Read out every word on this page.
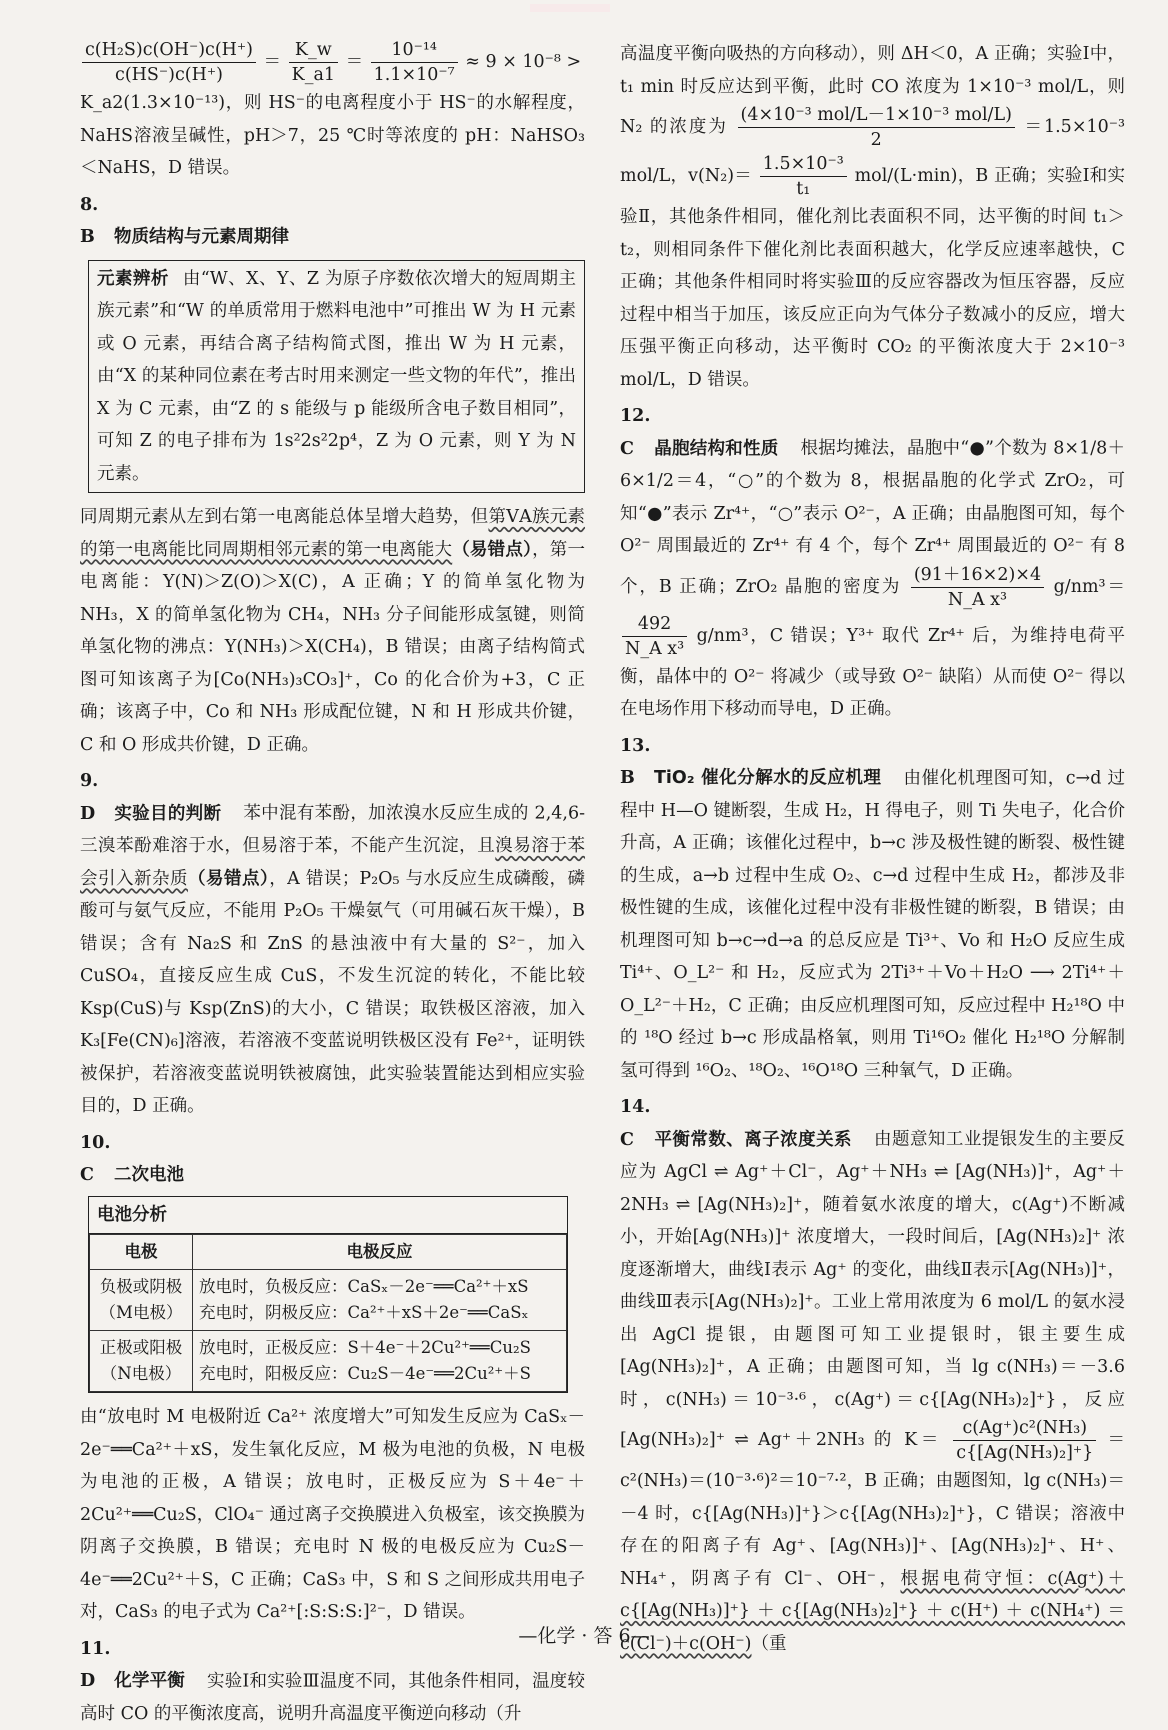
$\frac{\text{c(H₂S)c(OH⁻)c(H⁺)}}{c(HS^-)c(H^+)} = \frac{K\_w}{K\_a1} = \frac{\text{10⁻¹⁴}}{\text{1.1×10⁻⁷}} \approx 9 \times 10^{-8}$ >

K_a2(1.3×10⁻¹³)，则 HS⁻的电离程度小于 HS⁻的水解程度，NaHS溶液呈碱性，pH＞7，25 ℃时等浓度的 pH：NaHSO₃＜NaHS，D 错误。

8. B 物质结构与元素周期律

元素辨析 由“W、X、Y、Z 为原子序数依次增大的短周期主族元素”和“W 的单质常用于燃料电池中”可推出 W 为 H 元素或 O 元素，再结合离子结构简式图，推出 W 为 H 元素，由“X 的某种同位素在考古时用来测定一些文物的年代”，推出 X 为 C 元素，由“Z 的 s 能级与 p 能级所含电子数目相同”，可知 Z 的电子排布为 1s²2s²2p⁴，Z 为 O 元素，则 Y 为 N 元素。

同周期元素从左到右第一电离能总体呈增大趋势，但第ⅤA族元素的第一电离能比同周期相邻元素的第一电离能大（易错点），第一电离能：Y(N)＞Z(O)＞X(C)，A 正确；Y 的简单氢化物为 NH₃，X 的简单氢化物为 CH₄，NH₃ 分子间能形成氢键，则简单氢化物的沸点：Y(NH₃)＞X(CH₄)，B 错误；由离子结构简式图可知该离子为[Co(NH₃)₃CO₃]⁺，Co 的化合价为+3，C 正确；该离子中，Co 和 NH₃ 形成配位键，N 和 H 形成共价键，C 和 O 形成共价键，D 正确。

9. D 实验目的判断 苯中混有苯酚，加浓溴水反应生成的 2,4,6-三溴苯酚难溶于水，但易溶于苯，不能产生沉淀，且溴易溶于苯会引入新杂质（易错点），A 错误；P₂O₅ 与水反应生成磷酸，磷酸可与氨气反应，不能用 P₂O₅ 干燥氨气（可用碱石灰干燥），B 错误；含有 Na₂S 和 ZnS 的悬浊液中有大量的 S²⁻，加入 CuSO₄，直接反应生成 CuS，不发生沉淀的转化，不能比较 Ksp(CuS)与 Ksp(ZnS)的大小，C 错误；取铁极区溶液，加入 K₃[Fe(CN)₆]溶液，若溶液不变蓝说明铁极区没有 Fe²⁺，证明铁被保护，若溶液变蓝说明铁被腐蚀，此实验装置能达到相应实验目的，D 正确。

10. C 二次电池

电池分析
电极	电极反应
负极或阴极（M电极）	放电时，负极反应：CaSₓ－2e⁻══Ca²⁺＋xS
充电时，阴极反应：Ca²⁺＋xS＋2e⁻══CaSₓ

正极或阳极（N电极）	放电时，正极反应：S＋4e⁻＋2Cu²⁺══Cu₂S
充电时，阳极反应：Cu₂S－4e⁻══2Cu²⁺＋S

由“放电时 M 电极附近 Ca²⁺ 浓度增大”可知发生反应为 CaSₓ－2e⁻══Ca²⁺＋xS，发生氧化反应，M 极为电池的负极，N 电极为电池的正极，A 错误；放电时，正极反应为 S＋4e⁻＋2Cu²⁺══Cu₂S，ClO₄⁻ 通过离子交换膜进入负极室，该交换膜为阴离子交换膜，B 错误；充电时 N 极的电极反应为 Cu₂S－4e⁻══2Cu²⁺＋S，C 正确；CaS₃ 中，S 和 S 之间形成共用电子对，CaS₃ 的电子式为 Ca²⁺[:S:S:S:]²⁻，D 错误。

11. D 化学平衡 实验Ⅰ和实验Ⅲ温度不同，其他条件相同，温度较高时 CO 的平衡浓度高，说明升高温度平衡逆向移动（升

高温度平衡向吸热的方向移动），则 ΔH＜0，A 正确；实验Ⅰ中，t₁ min 时反应达到平衡，此时 CO 浓度为 1×10⁻³ mol/L，则 N₂ 的浓度为 $\frac{\text{(4×10⁻³ mol/L－1×10⁻³ mol/L)}}{2} =1.5\times 10^{-3}$ mol/L，$v(N_2)= \frac{\text{1.5×10⁻³}}{\text{t₁}} mol/(L\cdot\min)$，B 正确；实验Ⅰ和实验Ⅱ，其他条件相同，催化剂比表面积不同，达平衡的时间 t₁＞t₂，则相同条件下催化剂比表面积越大，化学反应速率越快，C 正确；其他条件相同时将实验Ⅲ的反应容器改为恒压容器，反应过程中相当于加压，该反应正向为气体分子数减小的反应，增大压强平衡正向移动，达平衡时 CO₂ 的平衡浓度大于 2×10⁻³ mol/L，D 错误。

12. C 晶胞结构和性质 根据均摊法，晶胞中“●”个数为 8×1/8＋6×1/2＝4，“○”的个数为 8，根据晶胞的化学式 ZrO₂，可知“●”表示 Zr⁴⁺，“○”表示 O²⁻，A 正确；由晶胞图可知，每个 O²⁻ 周围最近的 Zr⁴⁺ 有 4 个，每个 Zr⁴⁺ 周围最近的 O²⁻ 有 8 个，B 正确；ZrO₂ 晶胞的密度为 $\frac{(91+16\times 2)\times 4}{\text{N\_A x³}} g/nm^3=$
$\frac{492}{\text{N\_A x³}} g/nm^3$，C 错误；Y³⁺ 取代 Zr⁴⁺ 后，为维持电荷平衡，晶体中的 O²⁻ 将减少（或导致 O²⁻ 缺陷）从而使 O²⁻ 得以在电场作用下移动而导电，D 正确。

13. B TiO₂ 催化分解水的反应机理 由催化机理图可知，c→d 过程中 H—O 键断裂，生成 H₂，H 得电子，则 Ti 失电子，化合价升高，A 正确；该催化过程中，b→c 涉及极性键的断裂、极性键的生成，a→b 过程中生成 O₂、c→d 过程中生成 H₂，都涉及非极性键的生成，该催化过程中没有非极性键的断裂，B 错误；由机理图可知 b→c→d→a 的总反应是 Ti³⁺、Vo 和 H₂O 反应生成 Ti⁴⁺、O_L²⁻ 和 H₂，反应式为 2Ti³⁺＋Vo＋H₂O ⟶ 2Ti⁴⁺＋O_L²⁻＋H₂，C 正确；由反应机理图可知，反应过程中 H₂¹⁸O 中的 ¹⁸O 经过 b→c 形成晶格氧，则用 Ti¹⁶O₂ 催化 H₂¹⁸O 分解制氢可得到 ¹⁶O₂、¹⁸O₂、¹⁶O¹⁸O 三种氧气，D 正确。

14. C 平衡常数、离子浓度关系 由题意知工业提银发生的主要反应为 AgCl ⇌ Ag⁺＋Cl⁻，Ag⁺＋NH₃ ⇌ [Ag(NH₃)]⁺，Ag⁺＋2NH₃ ⇌ [Ag(NH₃)₂]⁺，随着氨水浓度的增大，c(Ag⁺)不断减小，开始[Ag(NH₃)]⁺ 浓度增大，一段时间后，[Ag(NH₃)₂]⁺ 浓度逐渐增大，曲线Ⅰ表示 Ag⁺ 的变化，曲线Ⅱ表示[Ag(NH₃)]⁺，曲线Ⅲ表示[Ag(NH₃)₂]⁺。工业上常用浓度为 6 mol/L 的氨水浸出 AgCl 提银，由题图可知工业提银时，银主要生成[Ag(NH₃)₂]⁺，A 正确；由题图可知，当 lg c(NH₃)＝－3.6 时，c(NH₃)＝10⁻³·⁶，c(Ag⁺)＝c{[Ag(NH₃)₂]⁺}，反应[Ag(NH₃)₂]⁺ ⇌ Ag⁺＋2NH₃ 的 $K= \frac{\text{c(Ag⁺)c²(NH₃)}}{\text{c\{[Ag(NH₃)₂]⁺\}}} =c^2(NH_3)=(10^{-3}\cdot^6)^2=10^{-7}\cdot^2$，B 正确；由题图知，lg c(NH₃)＝－4 时，c{[Ag(NH₃)]⁺}＞c{[Ag(NH₃)₂]⁺}，C 错误；溶液中存在的阳离子有 Ag⁺、[Ag(NH₃)]⁺、[Ag(NH₃)₂]⁺、H⁺、NH₄⁺，阴离子有 Cl⁻、OH⁻，根据电荷守恒：c(Ag⁺)＋c{[Ag(NH₃)]⁺}＋c{[Ag(NH₃)₂]⁺}＋c(H⁺)＋c(NH₄⁺)＝c(Cl⁻)＋c(OH⁻)（重

—化学 · 答 6—
